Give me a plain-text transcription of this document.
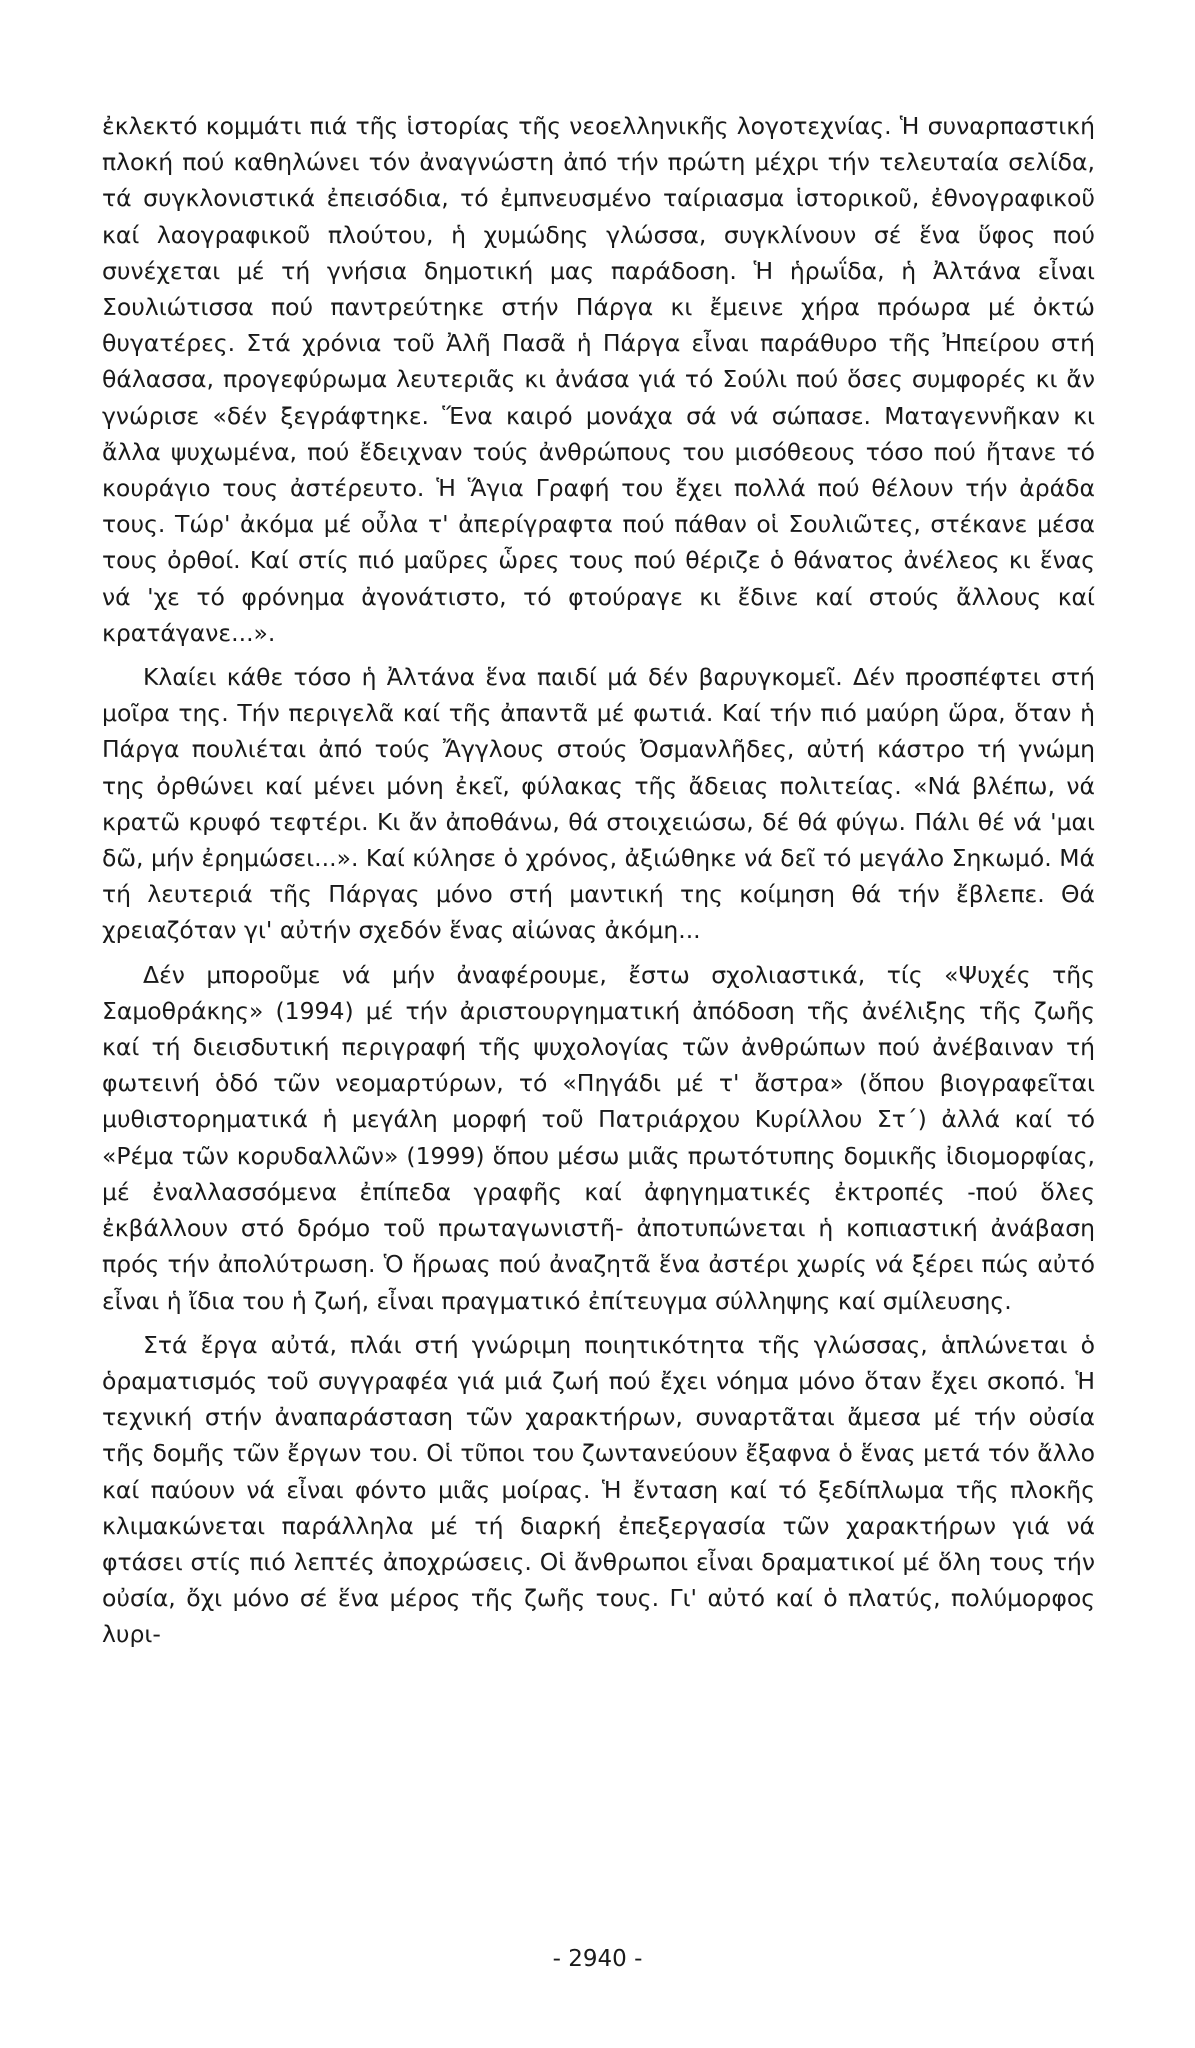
ἐκλεκτό κομμάτι πιά τῆς ἱστορίας τῆς νεοελληνικῆς λογοτεχνίας. Ἡ συναρπαστική πλοκή πού καθηλώνει τόν ἀναγνώστη ἀπό τήν πρώτη μέχρι τήν τελευταία σελίδα, τά συγκλονιστικά ἐπεισόδια, τό ἐμπνευσμένο ταίριασμα ἱστορικοῦ, ἐθνογραφικοῦ καί λαογραφικοῦ πλούτου, ἡ χυμώδης γλώσσα, συγκλίνουν σέ ἕνα ὕφος πού συνέχεται μέ τή γνήσια δημοτική μας παράδοση. Ἡ ἡρωΐδα, ἡ Ἀλτάνα εἶναι Σουλιώτισσα πού παντρεύτηκε στήν Πάργα κι ἔμεινε χήρα πρόωρα μέ ὀκτώ θυγατέρες. Στά χρόνια τοῦ Ἀλῆ Πασᾶ ἡ Πάργα εἶναι παράθυρο τῆς Ἠπείρου στή θάλασσα, προγεφύρωμα λευτεριᾶς κι ἀνάσα γιά τό Σούλι πού ὅσες συμφορές κι ἄν γνώρισε «δέν ξεγράφτηκε. Ἕνα καιρό μονάχα σά νά σώπασε. Ματαγεννῆκαν κι ἄλλα ψυχωμένα, πού ἔδειχναν τούς ἀνθρώπους του μισόθεους τόσο πού ἤτανε τό κουράγιο τους ἀστέρευτο. Ἡ Ἅγια Γραφή του ἔχει πολλά πού θέλουν τήν ἀράδα τους. Τώρ' ἀκόμα μέ οὖλα τ' ἀπερίγραφτα πού πάθαν οἱ Σουλιῶτες, στέκανε μέσα τους ὀρθοί. Καί στίς πιό μαῦρες ὧρες τους πού θέριζε ὁ θάνατος ἀνέλεος κι ἕνας νά 'χε τό φρόνημα ἀγονάτιστο, τό φτούραγε κι ἔδινε καί στούς ἄλλους καί κρατάγανε...».

Κλαίει κάθε τόσο ἡ Ἀλτάνα ἕνα παιδί μά δέν βαρυγκομεῖ. Δέν προσπέφτει στή μοῖρα της. Τήν περιγελᾶ καί τῆς ἀπαντᾶ μέ φωτιά. Καί τήν πιό μαύρη ὥρα, ὅταν ἡ Πάργα πουλιέται ἀπό τούς Ἄγγλους στούς Ὀσμανλῆδες, αὐτή κάστρο τή γνώμη της ὀρθώνει καί μένει μόνη ἐκεῖ, φύλακας τῆς ἄδειας πολιτείας. «Νά βλέπω, νά κρατῶ κρυφό τεφτέρι. Κι ἄν ἀποθάνω, θά στοιχειώσω, δέ θά φύγω. Πάλι θέ νά 'μαι δῶ, μήν ἐρημώσει...». Καί κύλησε ὁ χρόνος, ἀξιώθηκε νά δεῖ τό μεγάλο Σηκωμό. Μά τή λευτεριά τῆς Πάργας μόνο στή μαντική της κοίμηση θά τήν ἔβλεπε. Θά χρειαζόταν γι' αὐτήν σχεδόν ἕνας αἰώνας ἀκόμη...

Δέν μποροῦμε νά μήν ἀναφέρουμε, ἔστω σχολιαστικά, τίς «Ψυχές τῆς Σαμοθράκης» (1994) μέ τήν ἀριστουργηματική ἀπόδοση τῆς ἀνέλιξης τῆς ζωῆς καί τή διεισδυτική περιγραφή τῆς ψυχολογίας τῶν ἀνθρώπων πού ἀνέβαιναν τή φωτεινή ὁδό τῶν νεομαρτύρων, τό «Πηγάδι μέ τ' ἄστρα» (ὅπου βιογραφεῖται μυθιστορηματικά ἡ μεγάλη μορφή τοῦ Πατριάρχου Κυρίλλου Στ´) ἀλλά καί τό «Ρέμα τῶν κορυδαλλῶν» (1999) ὅπου μέσω μιᾶς πρωτότυπης δομικῆς ἰδιομορφίας, μέ ἐναλλασσόμενα ἐπίπεδα γραφῆς καί ἀφηγηματικές ἐκτροπές -πού ὅλες ἐκβάλλουν στό δρόμο τοῦ πρωταγωνιστῆ- ἀποτυπώνεται ἡ κοπιαστική ἀνάβαση πρός τήν ἀπολύτρωση. Ὁ ἥρωας πού ἀναζητᾶ ἕνα ἀστέρι χωρίς νά ξέρει πώς αὐτό εἶναι ἡ ἴδια του ἡ ζωή, εἶναι πραγματικό ἐπίτευγμα σύλληψης καί σμίλευσης.

Στά ἔργα αὐτά, πλάι στή γνώριμη ποιητικότητα τῆς γλώσσας, ἁπλώνεται ὁ ὁραματισμός τοῦ συγγραφέα γιά μιά ζωή πού ἔχει νόημα μόνο ὅταν ἔχει σκοπό. Ἡ τεχνική στήν ἀναπαράσταση τῶν χαρακτήρων, συναρτᾶται ἄμεσα μέ τήν οὐσία τῆς δομῆς τῶν ἔργων του. Οἱ τῦποι του ζωντανεύουν ἔξαφνα ὁ ἕνας μετά τόν ἄλλο καί παύουν νά εἶναι φόντο μιᾶς μοίρας. Ἡ ἔνταση καί τό ξεδίπλωμα τῆς πλοκῆς κλιμακώνεται παράλληλα μέ τή διαρκή ἐπεξεργασία τῶν χαρακτήρων γιά νά φτάσει στίς πιό λεπτές ἀποχρώσεις. Οἱ ἄνθρωποι εἶναι δραματικοί μέ ὅλη τους τήν οὐσία, ὄχι μόνο σέ ἕνα μέρος τῆς ζωῆς τους. Γι' αὐτό καί ὁ πλατύς, πολύμορφος λυρι-

- 2940 -
